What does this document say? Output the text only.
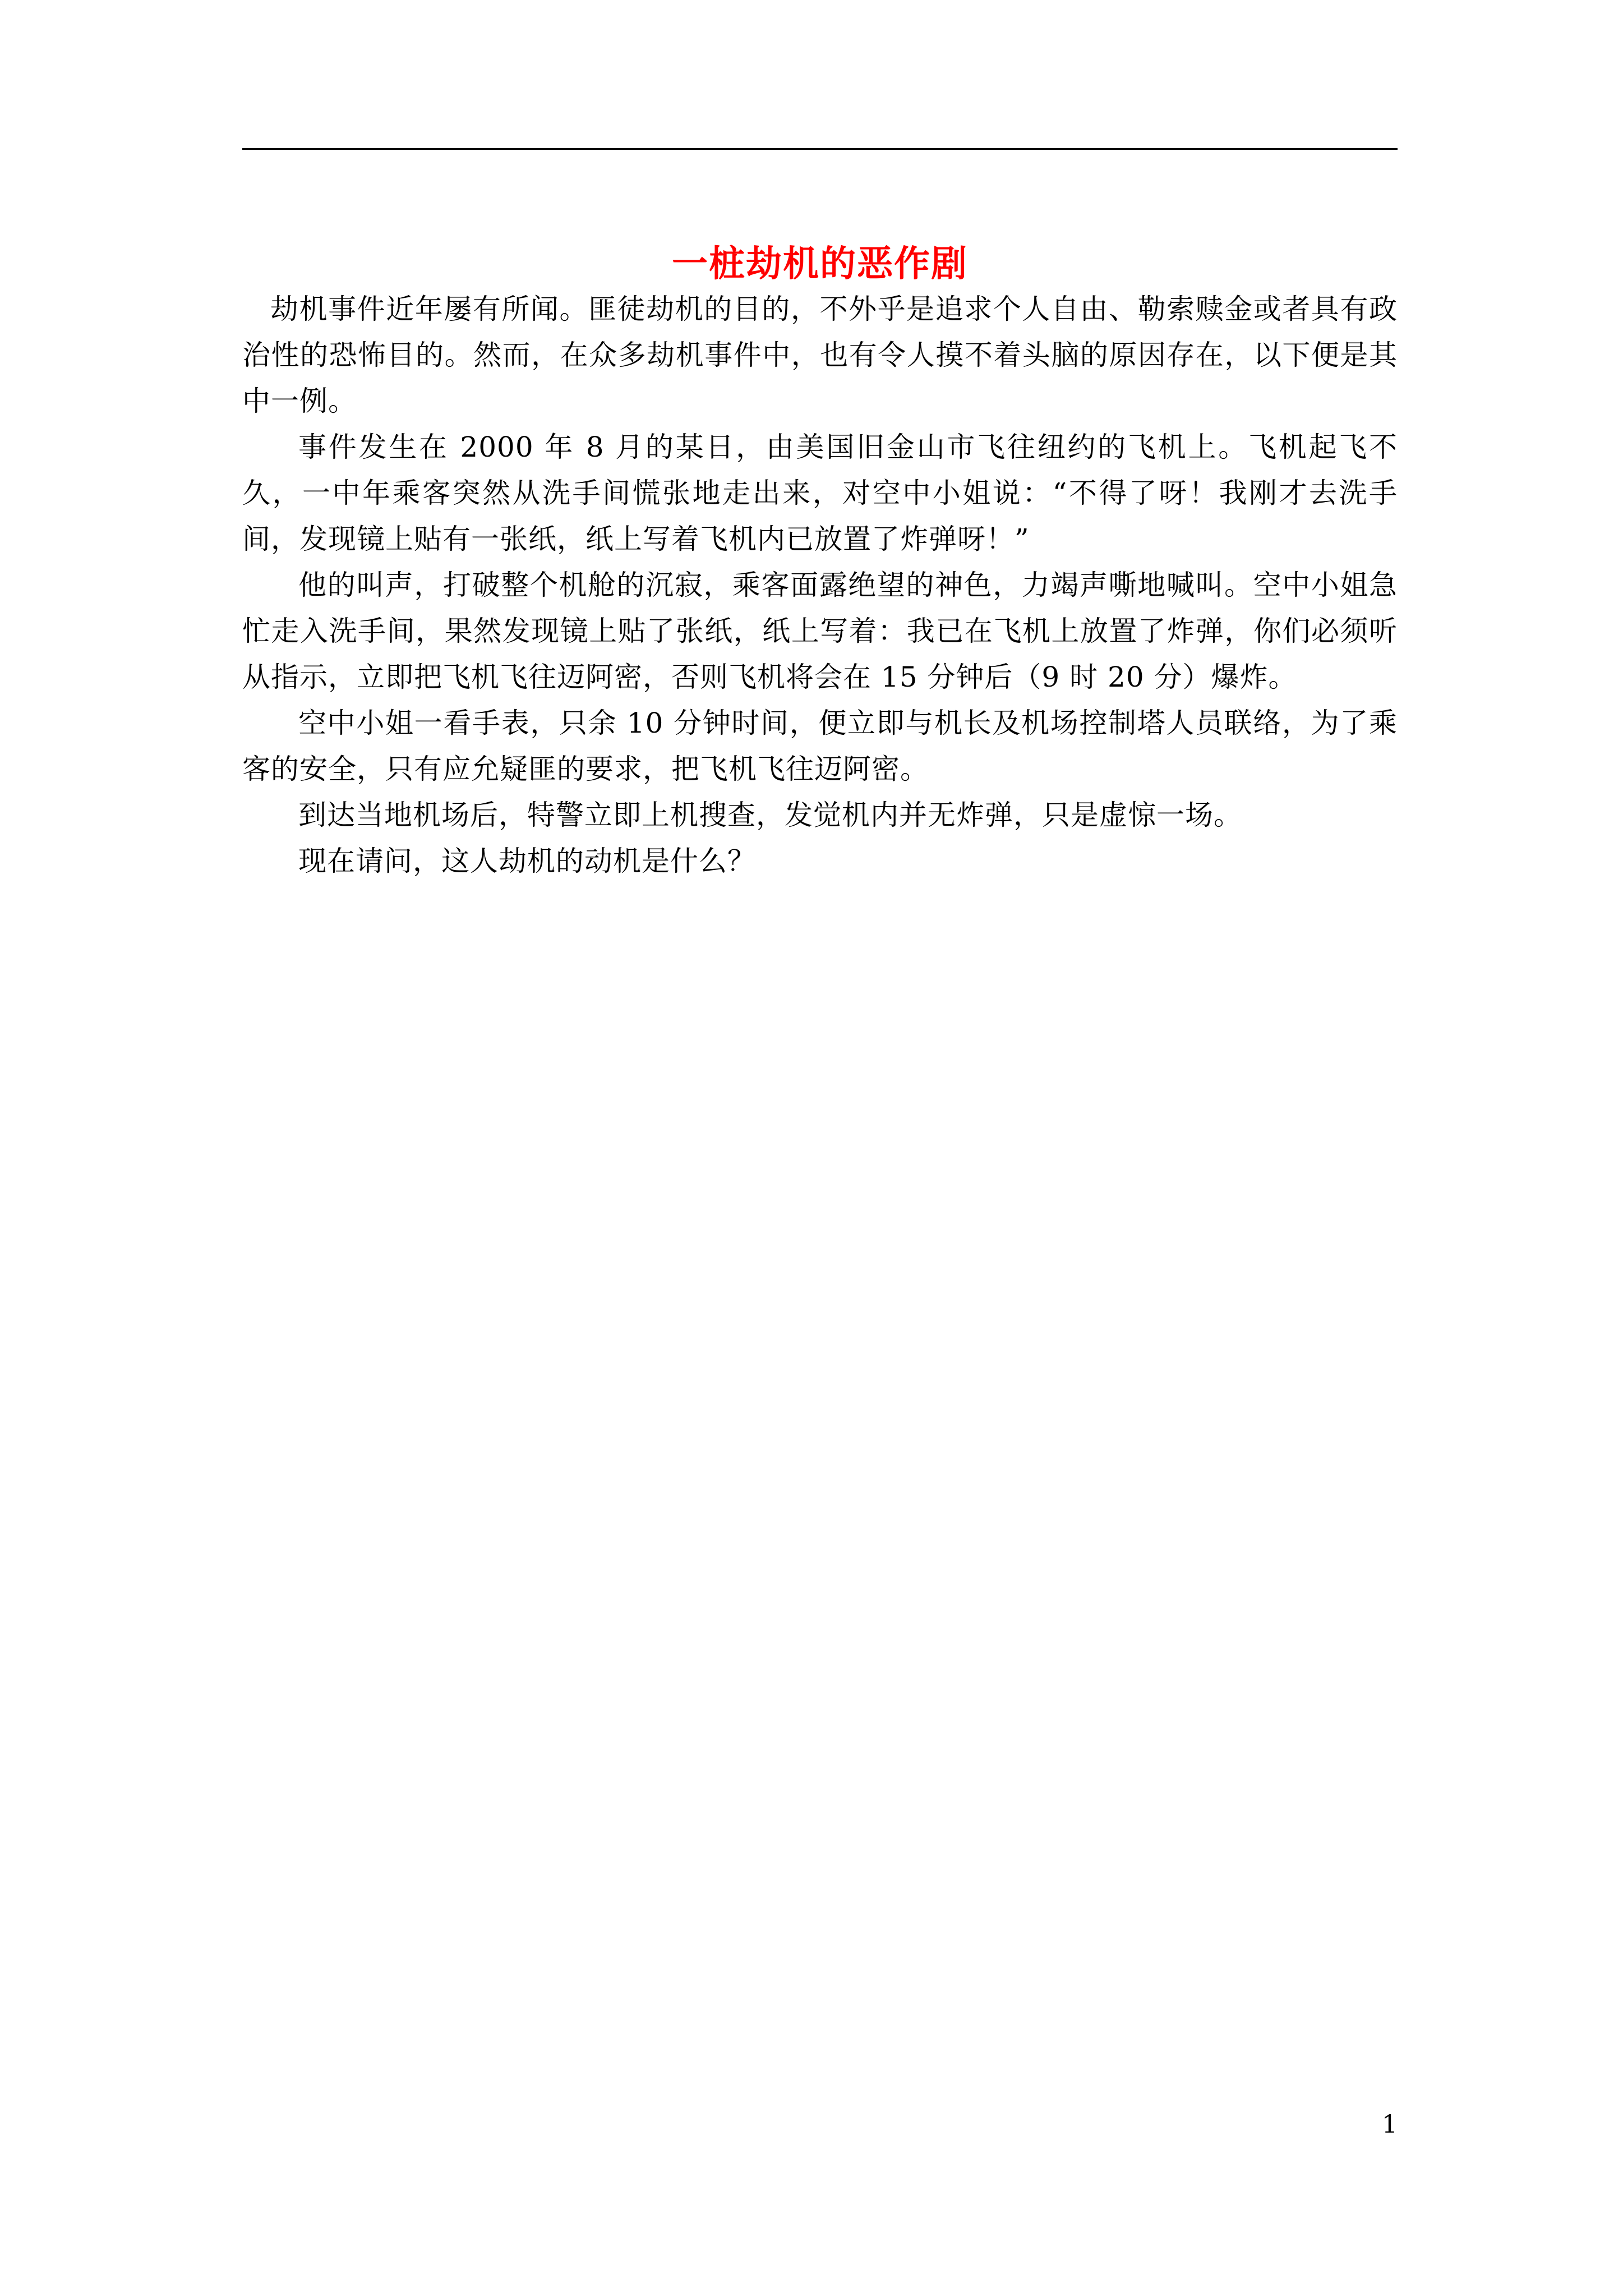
一桩劫机的恶作剧

劫机事件近年屡有所闻。匪徒劫机的目的，不外乎是追求个人自由、勒索赎金或者具有政治性的恐怖目的。然而，在众多劫机事件中，也有令人摸不着头脑的原因存在，以下便是其中一例。

事件发生在 2000 年 8 月的某日，由美国旧金山市飞往纽约的飞机上。飞机起飞不久，一中年乘客突然从洗手间慌张地走出来，对空中小姐说：“不得了呀！我刚才去洗手间，发现镜上贴有一张纸，纸上写着飞机内已放置了炸弹呀！”

他的叫声，打破整个机舱的沉寂，乘客面露绝望的神色，力竭声嘶地喊叫。空中小姐急忙走入洗手间，果然发现镜上贴了张纸，纸上写着：我已在飞机上放置了炸弹，你们必须听从指示，立即把飞机飞往迈阿密，否则飞机将会在 15 分钟后（9 时 20 分）爆炸。

空中小姐一看手表，只余 10 分钟时间，便立即与机长及机场控制塔人员联络，为了乘客的安全，只有应允疑匪的要求，把飞机飞往迈阿密。

到达当地机场后，特警立即上机搜查，发觉机内并无炸弹，只是虚惊一场。

现在请问，这人劫机的动机是什么？

1
